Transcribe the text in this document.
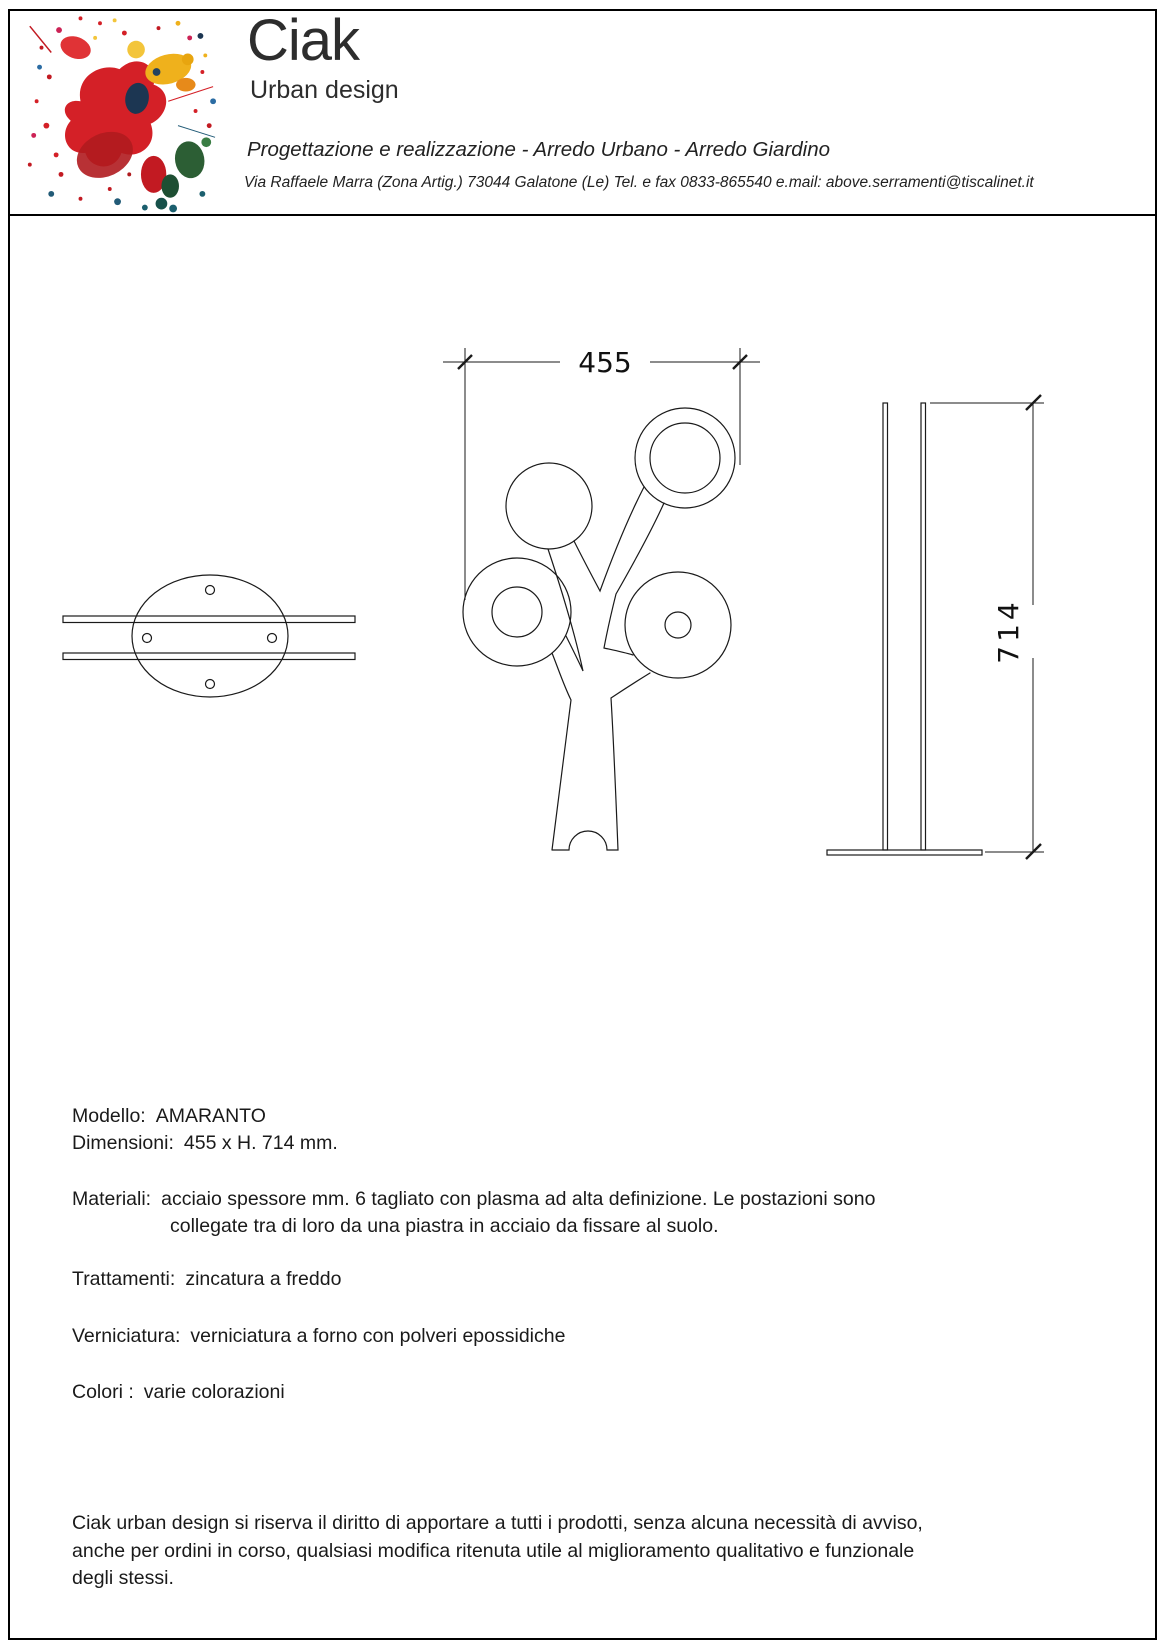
Ciak
Urban design
Progettazione e realizzazione - Arredo Urbano - Arredo Giardino
Via Raffaele Marra (Zona Artig.) 73044 Galatone (Le) Tel. e fax 0833-865540 e.mail: above.serramenti@tiscalinet.it
455
714
Modello: AMARANTO
Dimensioni: 455 x H. 714 mm.
Materiali: acciaio spessore mm. 6 tagliato con plasma ad alta definizione. Le postazioni sono
collegate tra di loro da una piastra in acciaio da fissare al suolo.
Trattamenti: zincatura a freddo
Verniciatura: verniciatura a forno con polveri epossidiche
Colori : varie colorazioni
Ciak urban design si riserva il diritto di apportare a tutti i prodotti, senza alcuna necessità di avviso,
anche per ordini in corso, qualsiasi modifica ritenuta utile al miglioramento qualitativo e funzionale
degli stessi.
